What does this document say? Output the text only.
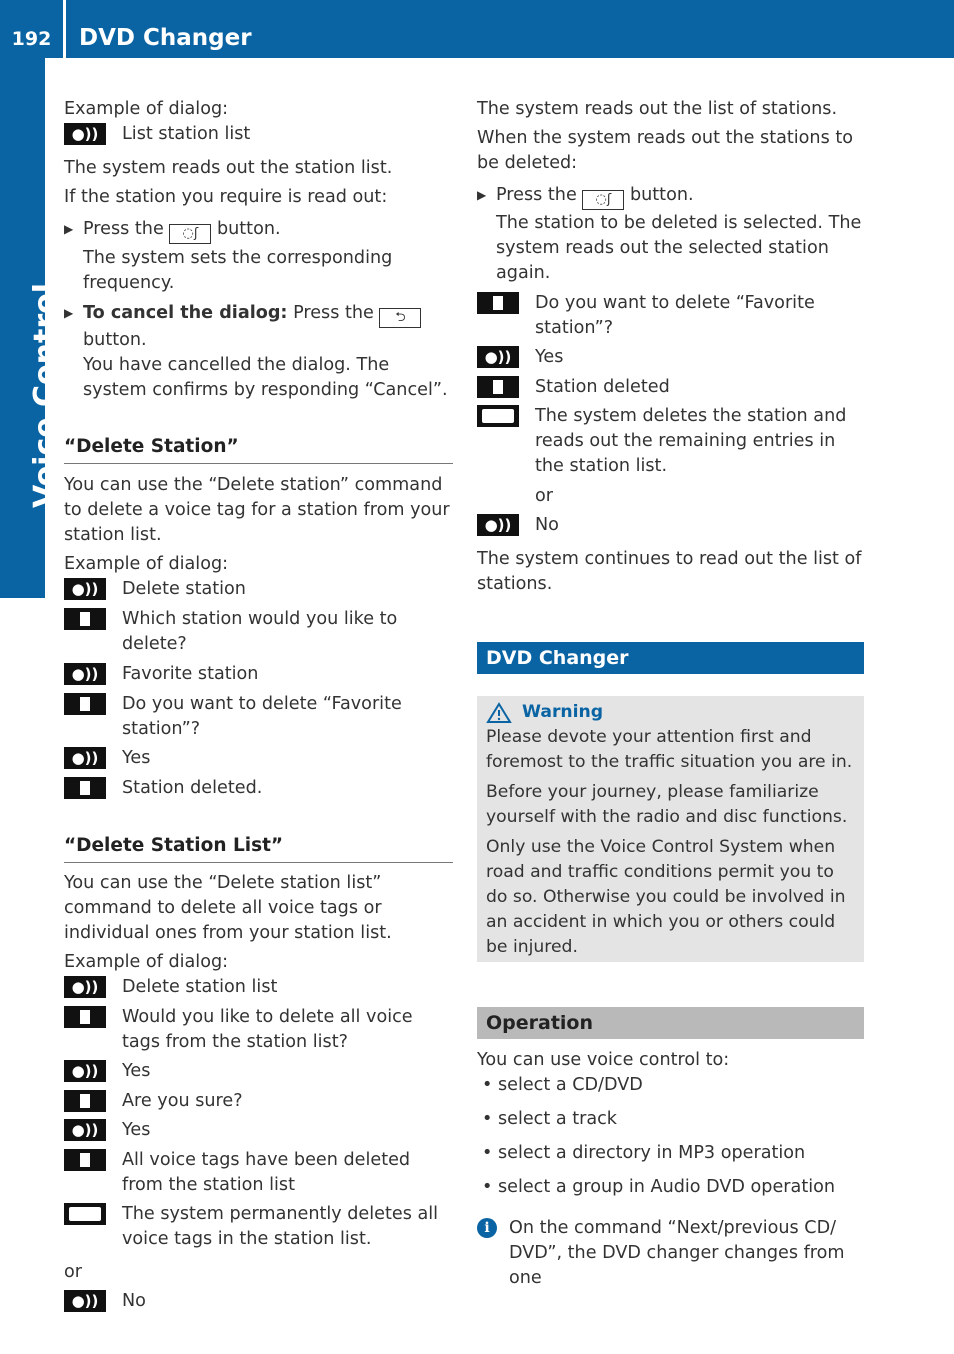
192	DVD Changer
Voice Control

Example of dialog:

●))	List station list

The system reads out the station list.

If the station you require is read out:

▶ Press the ◌ʃ button.

The system sets the corresponding frequency.

▶ To cancel the dialog: Press the ⮌

button.

You have cancelled the dialog. The system confirms by responding “Cancel”.

“Delete Station”

You can use the “Delete station” command to delete a voice tag for a station from your station list.

Example of dialog:

●))	Delete station
Which station would you like to delete?
●))	Favorite station
Do you want to delete “Favorite station”?
●))	Yes
Station deleted.
“Delete Station List”

You can use the “Delete station list” command to delete all voice tags or individual ones from your station list.

Example of dialog:

●))	Delete station list
Would you like to delete all voice tags from the station list?
●))	Yes
Are you sure?
●))	Yes
All voice tags have been deleted from the station list
The system permanently deletes all voice tags in the station list.

or

●))	No

The system reads out the list of stations.

When the system reads out the stations to be deleted:

▶ Press the ◌ʃ button.

The station to be deleted is selected. The system reads out the selected station again.

Do you want to delete “Favorite station”?
●))	Yes
Station deleted
The system deletes the station and reads out the remaining entries in the station list.

or

●))	No

The system continues to read out the list of stations.

DVD Changer
Warning

Please devote your attention first and foremost to the traffic situation you are in.

Before your journey, please familiarize yourself with the radio and disc functions.

Only use the Voice Control System when road and traffic conditions permit you to do so. Otherwise you could be involved in an accident in which you or others could be injured.

Operation

You can use voice control to:

• select a CD/DVD
• select a track
• select a directory in MP3 operation
• select a group in Audio DVD operation
i	On the command “Next/previous CD/ DVD”, the DVD changer changes from one
